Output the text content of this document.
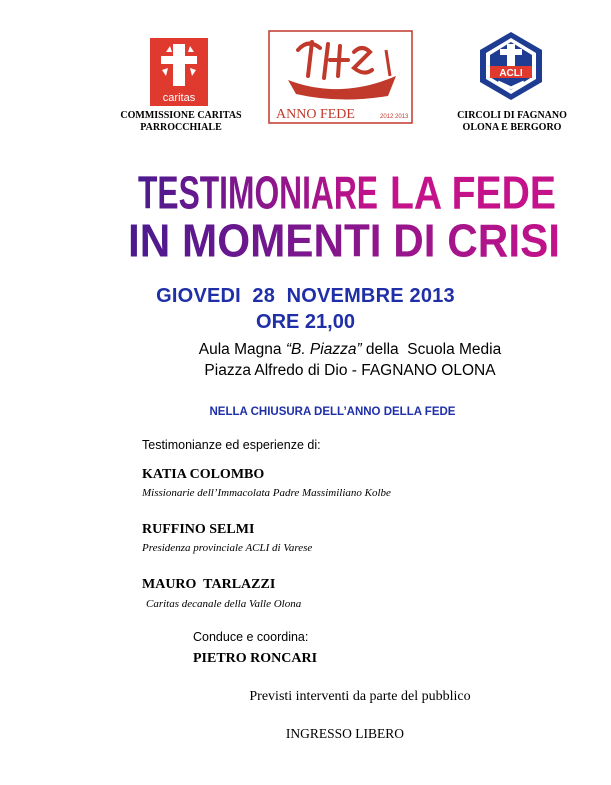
caritas
COMMISSIONE CARITAS
PARROCCHIALE
ANNO FEDE	2012 2013
ACLI
CIRCOLI DI FAGNANO
OLONA E BERGORO
TESTIMONIARE LA FEDE
IN MOMENTI DI CRISI
GIOVEDI  28  NOVEMBRE 2013
ORE 21,00
Aula Magna “B. Piazza” della  Scuola Media
Piazza Alfredo di Dio - FAGNANO OLONA
NELLA CHIUSURA DELL’ANNO DELLA FEDE
Testimonianze ed esperienze di:
KATIA COLOMBO
Missionarie dell’Immacolata Padre Massimiliano Kolbe
RUFFINO SELMI
Presidenza provinciale ACLI di Varese
MAURO  TARLAZZI
Caritas decanale della Valle Olona
Conduce e coordina:
PIETRO RONCARI
Previsti interventi da parte del pubblico
INGRESSO LIBERO
